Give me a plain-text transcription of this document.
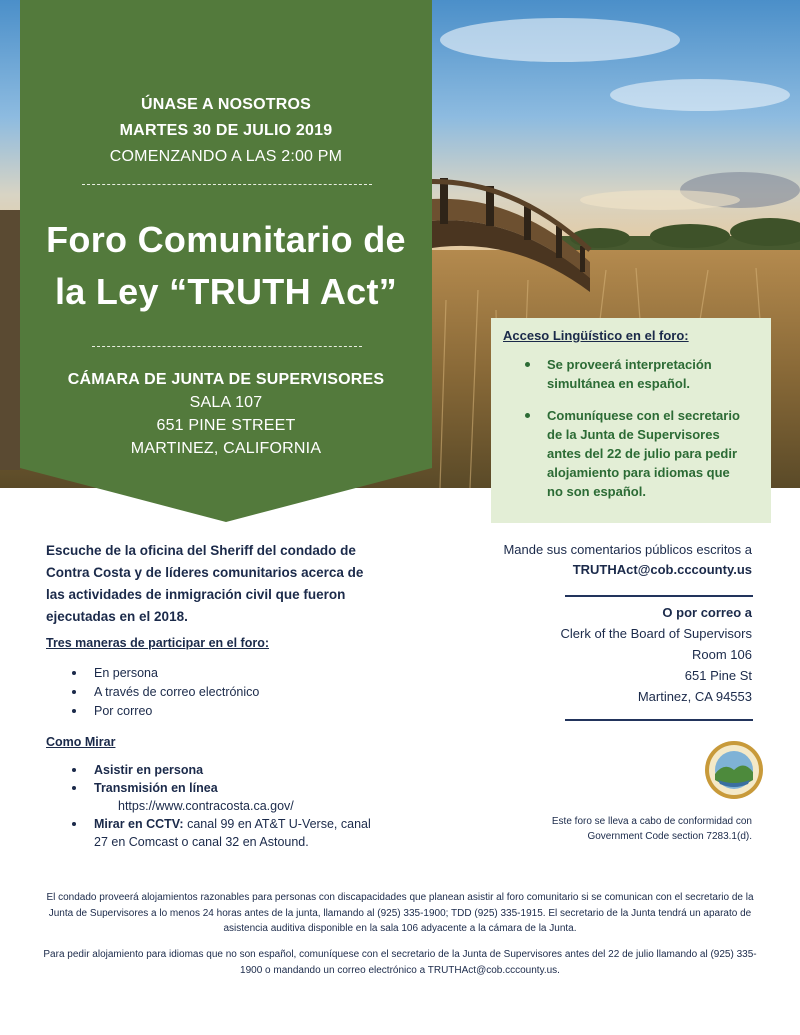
ÚNASE A NOSOTROS
MARTES 30 DE JULIO 2019
COMENZANDO A LAS 2:00 PM
Foro Comunitario de
la Ley “TRUTH Act”
CÁMARA DE JUNTA DE SUPERVISORES
SALA 107
651 PINE STREET
MARTINEZ, CALIFORNIA
Acceso Lingüístico en el foro:
Se proveerá interpretación
simultánea en español.
Comuníquese con el secretario
de la Junta de Supervisores
antes del 22 de julio para pedir
alojamiento para idiomas que
no son español.
Escuche de la oficina del Sheriff del condado de
Contra Costa y de líderes comunitarios acerca de
las actividades de inmigración civil que fueron
ejecutadas en el 2018.
Tres maneras de participar en el foro:
En persona
A través de correo electrónico
Por correo
Como Mirar
Asistir en persona
Transmisión en línea
https://www.contracosta.ca.gov/
Mirar en CCTV: canal 99 en AT&T U-Verse, canal
27 en Comcast o canal 32 en Astound.
Mande sus comentarios públicos escritos a
TRUTHAct@cob.cccounty.us
O por correo a
Clerk of the Board of Supervisors
Room 106
651 Pine St
Martinez, CA 94553
Este foro se lleva a cabo de conformidad con
Government Code section 7283.1(d).
El condado proveerá alojamientos razonables para personas con discapacidades que planean asistir al foro comunitario si se comunican con el secretario de la
Junta de Supervisores a lo menos 24 horas antes de la junta, llamando al (925) 335-1900; TDD (925) 335-1915. El secretario de la Junta tendrá un aparato de
asistencia auditiva disponible en la sala 106 adyacente a la cámara de la Junta.
Para pedir alojamiento para idiomas que no son español, comuníquese con el secretario de la Junta de Supervisores antes del 22 de julio llamando al (925) 335-
1900 o mandando un correo electrónico a TRUTHAct@cob.cccounty.us.
